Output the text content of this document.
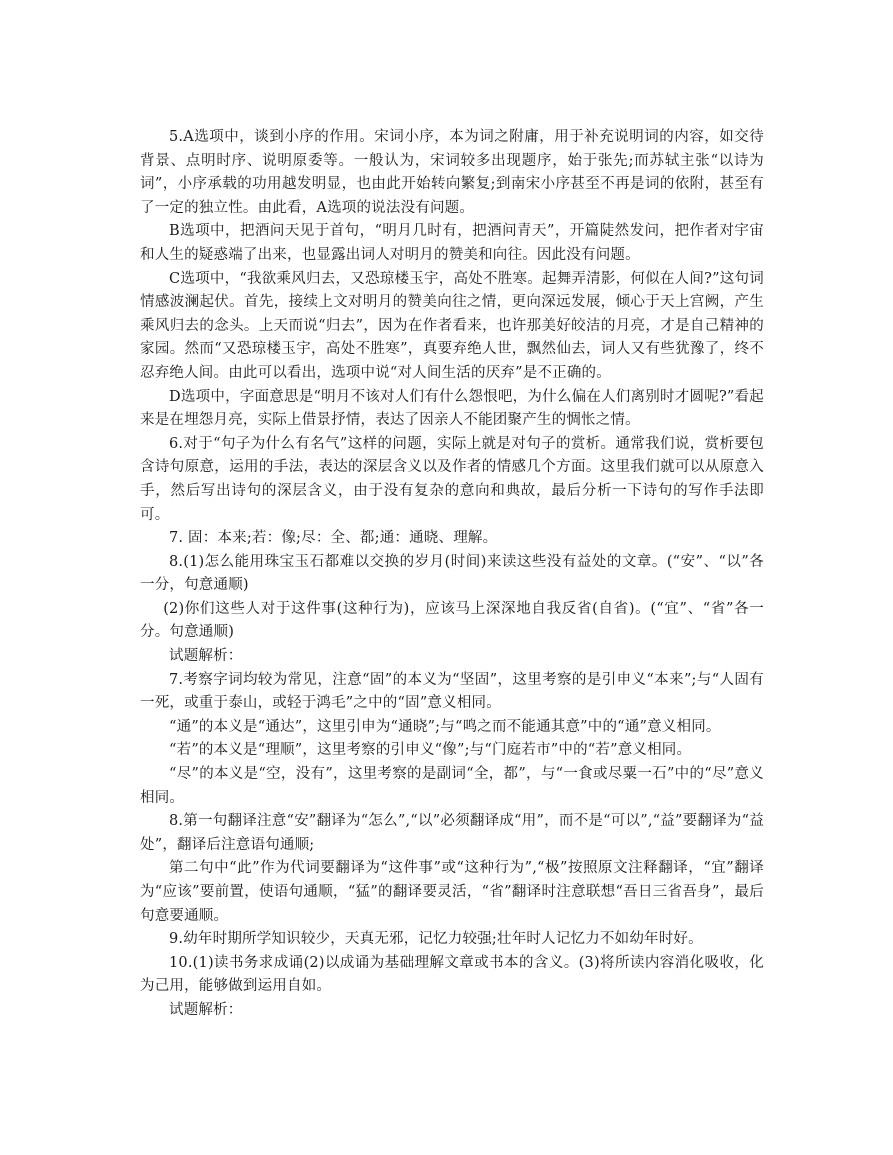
5.A选项中，谈到小序的作用。宋词小序，本为词之附庸，用于补充说明词的内容，如交待背景、点明时序、说明原委等。一般认为，宋词较多出现题序，始于张先;而苏轼主张“以诗为词”，小序承载的功用越发明显，也由此开始转向繁复;到南宋小序甚至不再是词的依附，甚至有了一定的独立性。由此看，A选项的说法没有问题。

B选项中，把酒问天见于首句，“明月几时有，把酒问青天”，开篇陡然发问，把作者对宇宙和人生的疑惑端了出来，也显露出词人对明月的赞美和向往。因此没有问题。

C选项中，“我欲乘风归去，又恐琼楼玉宇，高处不胜寒。起舞弄清影，何似在人间?”这句词情感波澜起伏。首先，接续上文对明月的赞美向往之情，更向深远发展，倾心于天上宫阙，产生乘风归去的念头。上天而说“归去”，因为在作者看来，也许那美好皎洁的月亮，才是自己精神的家园。然而“又恐琼楼玉宇，高处不胜寒”，真要弃绝人世，飘然仙去，词人又有些犹豫了，终不忍弃绝人间。由此可以看出，选项中说“对人间生活的厌弃”是不正确的。

D选项中，字面意思是“明月不该对人们有什么怨恨吧，为什么偏在人们离别时才圆呢?”看起来是在埋怨月亮，实际上借景抒情，表达了因亲人不能团聚产生的惆怅之情。

6.对于“句子为什么有名气”这样的问题，实际上就是对句子的赏析。通常我们说，赏析要包含诗句原意，运用的手法，表达的深层含义以及作者的情感几个方面。这里我们就可以从原意入手，然后写出诗句的深层含义，由于没有复杂的意向和典故，最后分析一下诗句的写作手法即可。

7. 固：本来;若：像;尽：全、都;通：通晓、理解。

8.(1)怎么能用珠宝玉石都难以交换的岁月(时间)来读这些没有益处的文章。(“安”、“以”各一分，句意通顺)

(2)你们这些人对于这件事(这种行为)，应该马上深深地自我反省(自省)。(“宜”、“省”各一分。句意通顺)

试题解析：

7.考察字词均较为常见，注意“固”的本义为“坚固”，这里考察的是引申义“本来”;与“人固有一死，或重于泰山，或轻于鸿毛”之中的“固”意义相同。

“通”的本义是“通达”，这里引申为“通晓”;与“鸣之而不能通其意”中的“通”意义相同。

“若”的本义是“理顺”，这里考察的引申义“像”;与“门庭若市”中的“若”意义相同。

“尽”的本义是“空，没有”，这里考察的是副词“全，都”，与“一食或尽粟一石”中的“尽”意义相同。

8.第一句翻译注意“安”翻译为“怎么”,“以”必须翻译成“用”，而不是“可以”,“益”要翻译为“益处”，翻译后注意语句通顺;

第二句中“此”作为代词要翻译为“这件事”或“这种行为”,“极”按照原文注释翻译，“宜”翻译为“应该”要前置，使语句通顺，“猛”的翻译要灵活，“省”翻译时注意联想“吾日三省吾身”，最后句意要通顺。

9.幼年时期所学知识较少，天真无邪，记忆力较强;壮年时人记忆力不如幼年时好。

10.(1)读书务求成诵(2)以成诵为基础理解文章或书本的含义。(3)将所读内容消化吸收，化为己用，能够做到运用自如。

试题解析：
